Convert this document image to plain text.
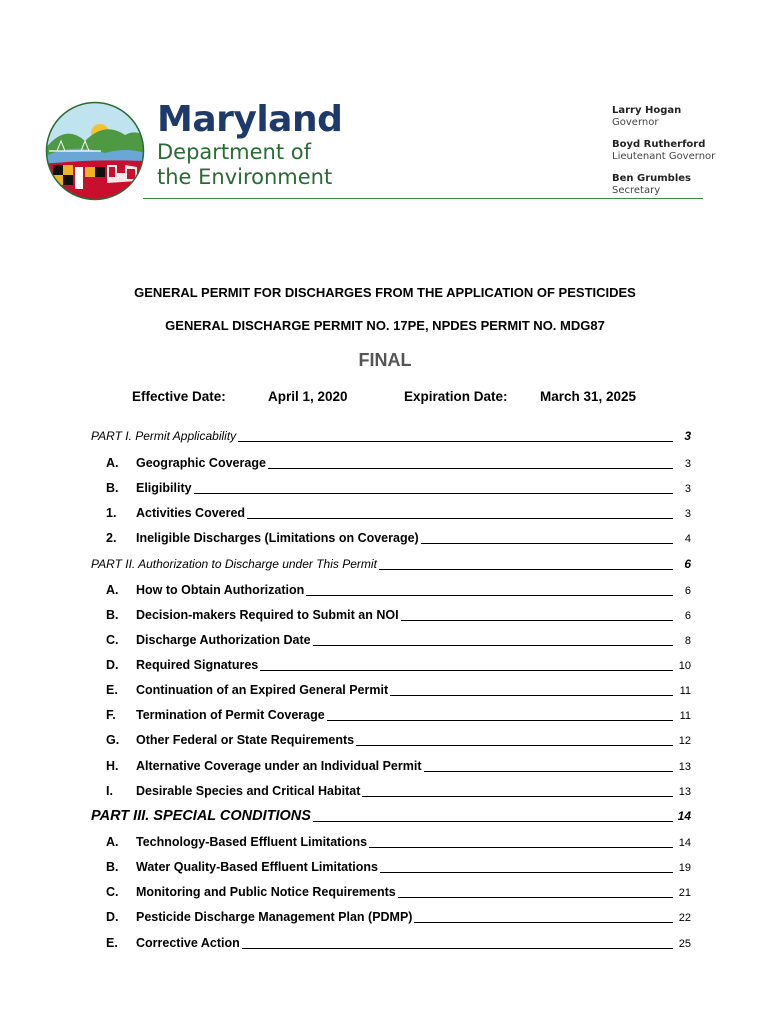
Maryland
Department of
the Environment
Larry Hogan
Governor
Boyd Rutherford
Lieutenant Governor
Ben Grumbles
Secretary
GENERAL PERMIT FOR DISCHARGES FROM THE APPLICATION OF PESTICIDES
GENERAL DISCHARGE PERMIT NO. 17PE, NPDES PERMIT NO. MDG87
FINAL
Effective Date:	April 1, 2020	Expiration Date: March 31, 2025
PART I. Permit Applicability	3
A.	Geographic Coverage	3
B.	Eligibility	3
1.	Activities Covered	3
2.	Ineligible Discharges (Limitations on Coverage)	4
PART II. Authorization to Discharge under This Permit	6
A.	How to Obtain Authorization	6
B.	Decision-makers Required to Submit an NOI	6
C.	Discharge Authorization Date	8
D.	Required Signatures	10
E.	Continuation of an Expired General Permit	11
F.	Termination of Permit Coverage	11
G.	Other Federal or State Requirements	12
H.	Alternative Coverage under an Individual Permit	13
I.	Desirable Species and Critical Habitat	13
PART III. SPECIAL CONDITIONS	14
A.	Technology-Based Effluent Limitations	14
B.	Water Quality-Based Effluent Limitations	19
C.	Monitoring and Public Notice Requirements	21
D.	Pesticide Discharge Management Plan (PDMP)	22
E.	Corrective Action	25
